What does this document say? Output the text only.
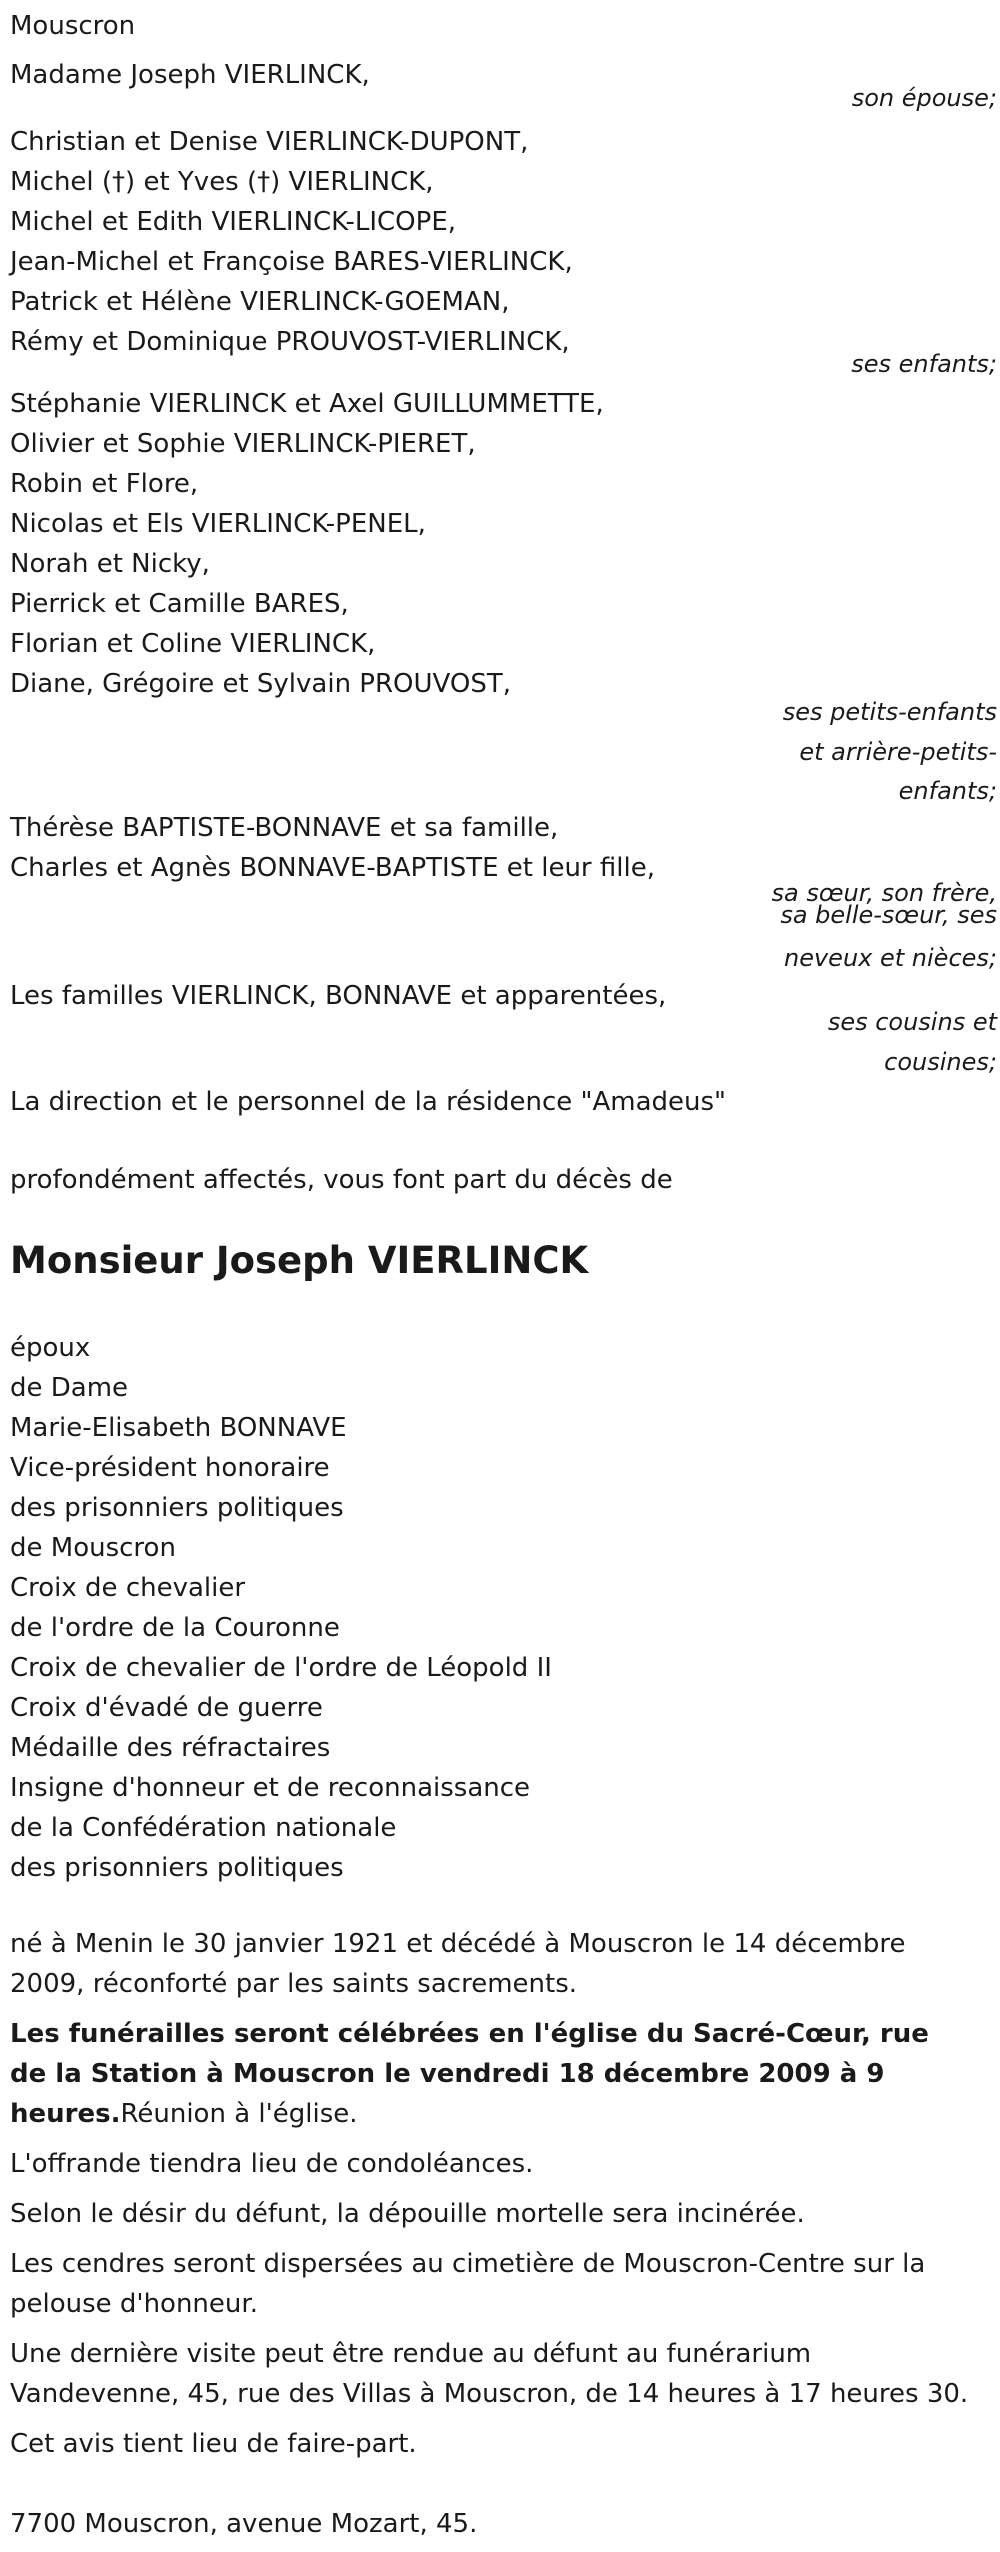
Mouscron
Madame Joseph VIERLINCK,
son épouse;
Christian et Denise VIERLINCK-DUPONT,
Michel (†) et Yves (†) VIERLINCK,
Michel et Edith VIERLINCK-LICOPE,
Jean-Michel et Françoise BARES-VIERLINCK,
Patrick et Hélène VIERLINCK-GOEMAN,
Rémy et Dominique PROUVOST-VIERLINCK,
ses enfants;
Stéphanie VIERLINCK et Axel GUILLUMMETTE,
Olivier et Sophie VIERLINCK-PIERET,
Robin et Flore,
Nicolas et Els VIERLINCK-PENEL,
Norah et Nicky,
Pierrick et Camille BARES,
Florian et Coline VIERLINCK,
Diane, Grégoire et Sylvain PROUVOST,
ses petits-enfants
et arrière-petits-
enfants;
Thérèse BAPTISTE-BONNAVE et sa famille,
Charles et Agnès BONNAVE-BAPTISTE et leur fille,
sa sœur, son frère,
sa belle-sœur, ses
neveux et nièces;
Les familles VIERLINCK, BONNAVE et apparentées,
ses cousins et
cousines;
La direction et le personnel de la résidence "Amadeus"
profondément affectés, vous font part du décès de
Monsieur Joseph VIERLINCK
époux
de Dame
Marie-Elisabeth BONNAVE
Vice-président honoraire
des prisonniers politiques
de Mouscron
Croix de chevalier
de l'ordre de la Couronne
Croix de chevalier de l'ordre de Léopold II
Croix d'évadé de guerre
Médaille des réfractaires
Insigne d'honneur et de reconnaissance
de la Confédération nationale
des prisonniers politiques
né à Menin le 30 janvier 1921 et décédé à Mouscron le 14 décembre 2009, réconforté par les saints sacrements.
Les funérailles seront célébrées en l'église du Sacré-Cœur, rue de la Station à Mouscron le vendredi 18 décembre 2009 à 9 heures.Réunion à l'église.
L'offrande tiendra lieu de condoléances.
Selon le désir du défunt, la dépouille mortelle sera incinérée.
Les cendres seront dispersées au cimetière de Mouscron-Centre sur la pelouse d'honneur.
Une dernière visite peut être rendue au défunt au funérarium Vandevenne, 45, rue des Villas à Mouscron, de 14 heures à 17 heures 30.
Cet avis tient lieu de faire-part.
7700 Mouscron, avenue Mozart, 45.
